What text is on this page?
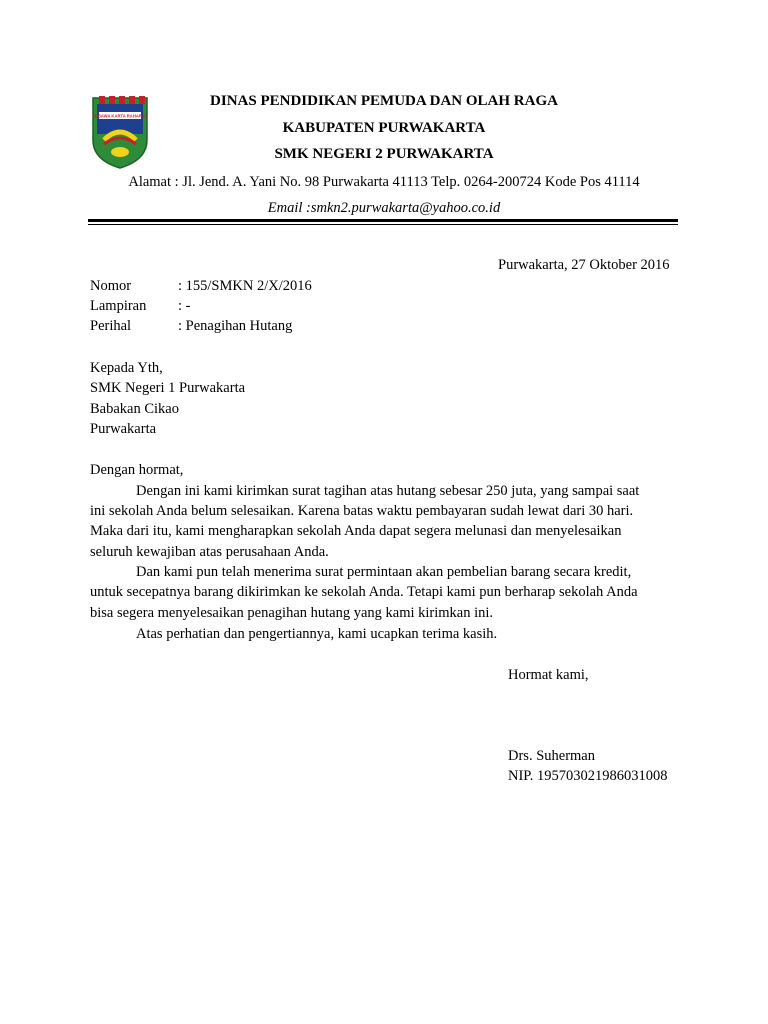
WIBAWA KARTA RAHARJA
DINAS PENDIDIKAN PEMUDA DAN OLAH RAGA
KABUPATEN PURWAKARTA
SMK NEGERI 2 PURWAKARTA
Alamat : Jl. Jend. A. Yani No. 98 Purwakarta 41113 Telp. 0264-200724 Kode Pos 41114
Email :smkn2.purwakarta@yahoo.co.id
Purwakarta, 27 Oktober 2016
Nomor	: 155/SMKN 2/X/2016
Lampiran : -
Perihal	: Penagihan Hutang
Kepada Yth,
SMK Negeri 1 Purwakarta
Babakan Cikao
Purwakarta
Dengan hormat,
Dengan ini kami kirimkan surat tagihan atas hutang sebesar 250 juta, yang sampai saat
ini sekolah Anda belum selesaikan. Karena batas waktu pembayaran sudah lewat dari 30 hari.
Maka dari itu, kami mengharapkan sekolah Anda dapat segera melunasi dan menyelesaikan
seluruh kewajiban atas perusahaan Anda.
Dan kami pun telah menerima surat permintaan akan pembelian barang secara kredit,
untuk secepatnya barang dikirimkan ke sekolah Anda. Tetapi kami pun berharap sekolah Anda
bisa segera menyelesaikan penagihan hutang yang kami kirimkan ini.
Atas perhatian dan pengertiannya, kami ucapkan terima kasih.
Hormat kami,
Drs. Suherman
NIP. 195703021986031008
